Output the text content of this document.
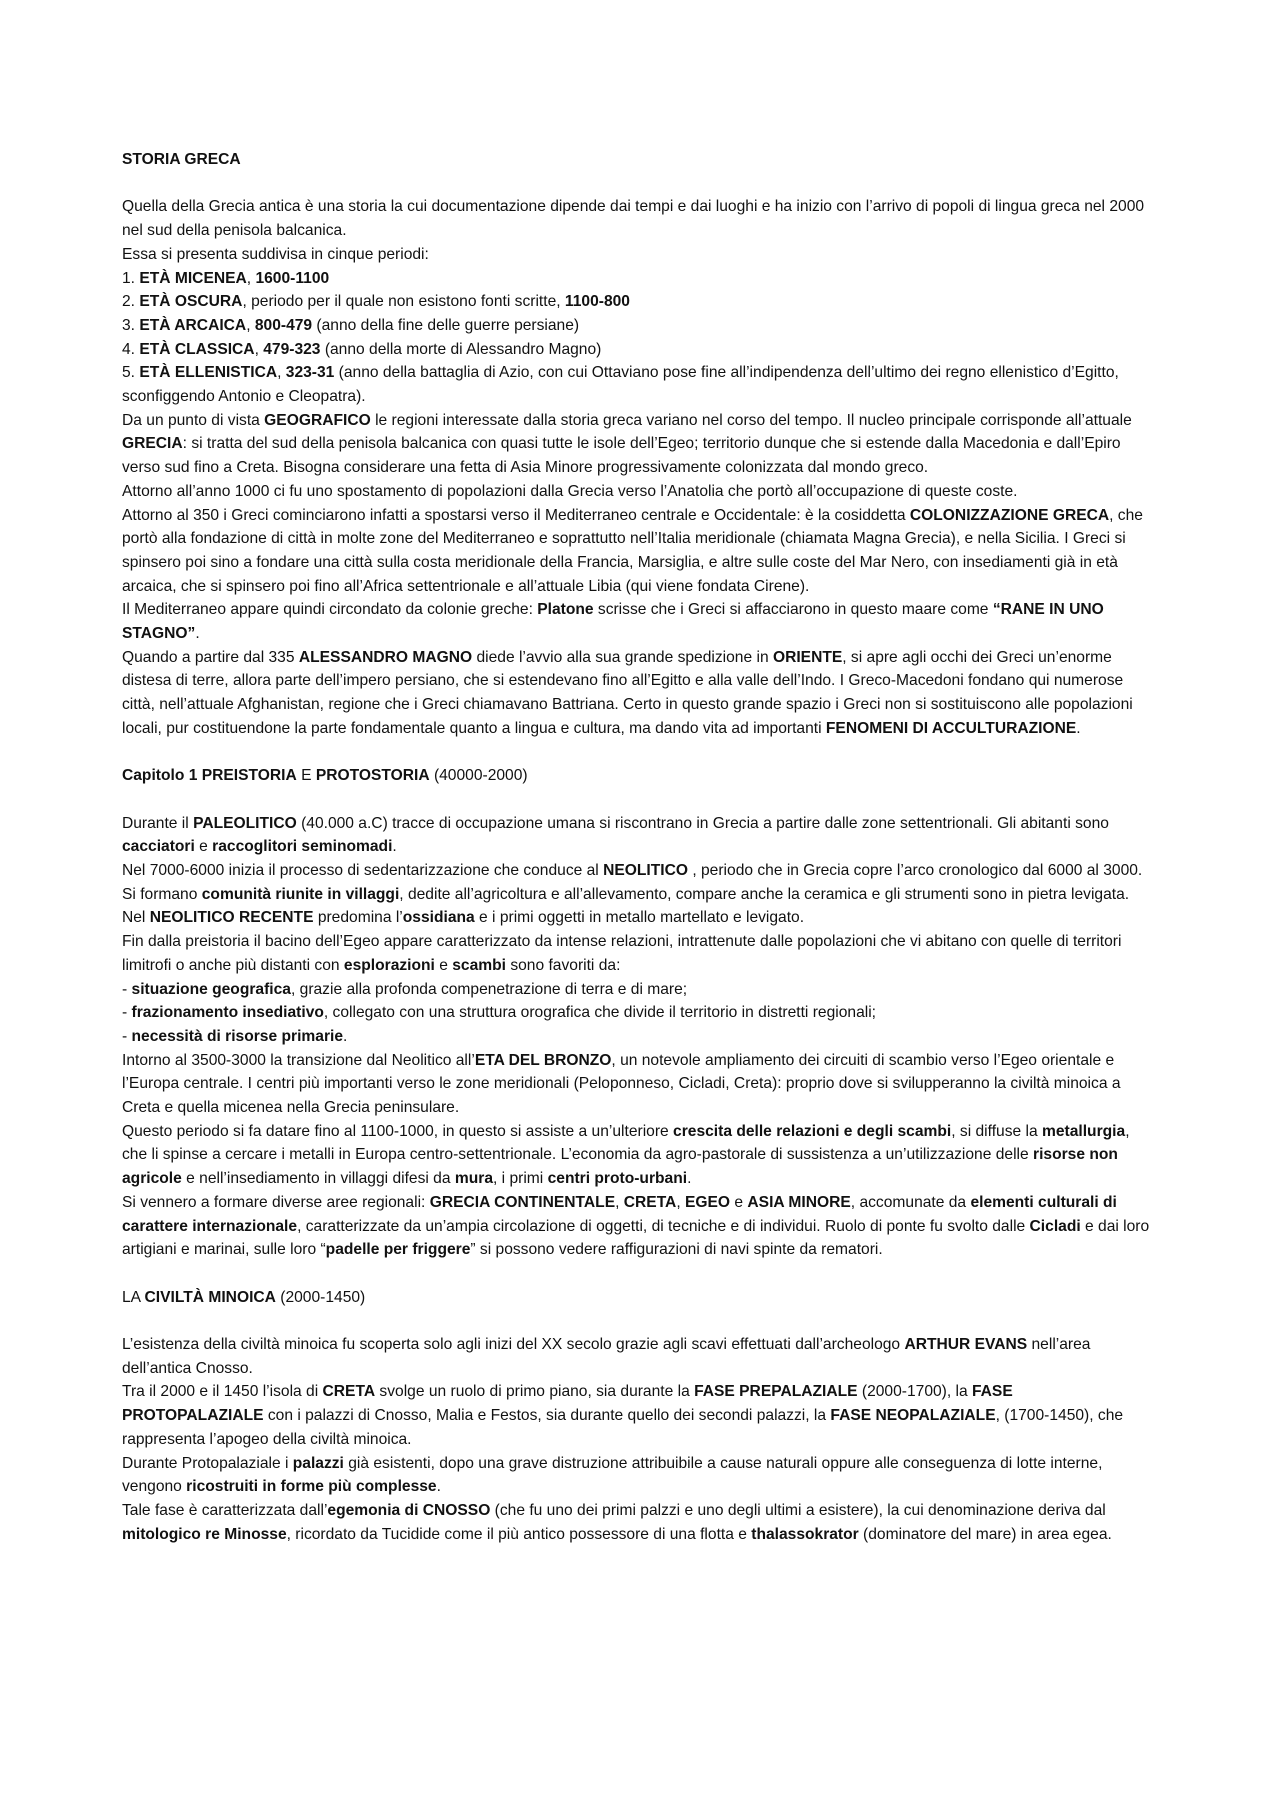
STORIA GRECA

Quella della Grecia antica è una storia la cui documentazione dipende dai tempi e dai luoghi e ha inizio con l’arrivo di popoli di lingua greca nel 2000 nel sud della penisola balcanica.

Essa si presenta suddivisa in cinque periodi:

1. ETÀ MICENEA, 1600-1100

2. ETÀ OSCURA, periodo per il quale non esistono fonti scritte, 1100-800

3. ETÀ ARCAICA, 800-479 (anno della fine delle guerre persiane)

4. ETÀ CLASSICA, 479-323 (anno della morte di Alessandro Magno)

5. ETÀ ELLENISTICA, 323-31 (anno della battaglia di Azio, con cui Ottaviano pose fine all’indipendenza dell’ultimo dei regno ellenistico d’Egitto, sconfiggendo Antonio e Cleopatra).

Da un punto di vista GEOGRAFICO le regioni interessate dalla storia greca variano nel corso del tempo. Il nucleo principale corrisponde all’attuale GRECIA: si tratta del sud della penisola balcanica con quasi tutte le isole dell’Egeo; territorio dunque che si estende dalla Macedonia e dall’Epiro verso sud fino a Creta. Bisogna considerare una fetta di Asia Minore progressivamente colonizzata dal mondo greco.

Attorno all’anno 1000 ci fu uno spostamento di popolazioni dalla Grecia verso l’Anatolia che portò all’occupazione di queste coste.

Attorno al 350 i Greci cominciarono infatti a spostarsi verso il Mediterraneo centrale e Occidentale: è la cosiddetta COLONIZZAZIONE GRECA, che portò alla fondazione di città in molte zone del Mediterraneo e soprattutto nell’Italia meridionale (chiamata Magna Grecia), e nella Sicilia. I Greci si spinsero poi sino a fondare una città sulla costa meridionale della Francia, Marsiglia, e altre sulle coste del Mar Nero, con insediamenti già in età arcaica, che si spinsero poi fino all’Africa settentrionale e all’attuale Libia (qui viene fondata Cirene).

Il Mediterraneo appare quindi circondato da colonie greche: Platone scrisse che i Greci si affacciarono in questo maare come “RANE IN UNO STAGNO”.

Quando a partire dal 335 ALESSANDRO MAGNO diede l’avvio alla sua grande spedizione in ORIENTE, si apre agli occhi dei Greci un’enorme distesa di terre, allora parte dell’impero persiano, che si estendevano fino all’Egitto e alla valle dell’Indo. I Greco-Macedoni fondano qui numerose città, nell’attuale Afghanistan, regione che i Greci chiamavano Battriana. Certo in questo grande spazio i Greci non si sostituiscono alle popolazioni locali, pur costituendone la parte fondamentale quanto a lingua e cultura, ma dando vita ad importanti FENOMENI DI ACCULTURAZIONE.

Capitolo 1 PREISTORIA E PROTOSTORIA (40000-2000)

Durante il PALEOLITICO (40.000 a.C) tracce di occupazione umana si riscontrano in Grecia a partire dalle zone settentrionali. Gli abitanti sono cacciatori e raccoglitori seminomadi.

Nel 7000-6000 inizia il processo di sedentarizzazione che conduce al NEOLITICO , periodo che in Grecia copre l’arco cronologico dal 6000 al 3000. Si formano comunità riunite in villaggi, dedite all’agricoltura e all’allevamento, compare anche la ceramica e gli strumenti sono in pietra levigata.

Nel NEOLITICO RECENTE predomina l’ossidiana e i primi oggetti in metallo martellato e levigato.

Fin dalla preistoria il bacino dell’Egeo appare caratterizzato da intense relazioni, intrattenute dalle popolazioni che vi abitano con quelle di territori limitrofi o anche più distanti con esplorazioni e scambi sono favoriti da:

- situazione geografica, grazie alla profonda compenetrazione di terra e di mare;

- frazionamento insediativo, collegato con una struttura orografica che divide il territorio in distretti regionali;

- necessità di risorse primarie.

Intorno al 3500-3000 la transizione dal Neolitico all’ETA DEL BRONZO, un notevole ampliamento dei circuiti di scambio verso l’Egeo orientale e l’Europa centrale. I centri più importanti verso le zone meridionali (Peloponneso, Cicladi, Creta): proprio dove si svilupperanno la civiltà minoica a Creta e quella micenea nella Grecia peninsulare.

Questo periodo si fa datare fino al 1100-1000, in questo si assiste a un’ulteriore crescita delle relazioni e degli scambi, si diffuse la metallurgia, che li spinse a cercare i metalli in Europa centro-settentrionale. L’economia da agro-pastorale di sussistenza a un’utilizzazione delle risorse non agricole e nell’insediamento in villaggi difesi da mura, i primi centri proto-urbani.

Si vennero a formare diverse aree regionali: GRECIA CONTINENTALE, CRETA, EGEO e ASIA MINORE, accomunate da elementi culturali di carattere internazionale, caratterizzate da un’ampia circolazione di oggetti, di tecniche e di individui. Ruolo di ponte fu svolto dalle Cicladi e dai loro artigiani e marinai, sulle loro “padelle per friggere” si possono vedere raffigurazioni di navi spinte da rematori.

LA CIVILTÀ MINOICA (2000-1450)

L’esistenza della civiltà minoica fu scoperta solo agli inizi del XX secolo grazie agli scavi effettuati dall’archeologo ARTHUR EVANS nell’area dell’antica Cnosso.

Tra il 2000 e il 1450 l’isola di CRETA svolge un ruolo di primo piano, sia durante la FASE PREPALAZIALE (2000-1700), la FASE PROTOPALAZIALE con i palazzi di Cnosso, Malia e Festos, sia durante quello dei secondi palazzi, la FASE NEOPALAZIALE, (1700-1450), che rappresenta l’apogeo della civiltà minoica.

Durante Protopalaziale i palazzi già esistenti, dopo una grave distruzione attribuibile a cause naturali oppure alle conseguenza di lotte interne, vengono ricostruiti in forme più complesse.

Tale fase è caratterizzata dall’egemonia di CNOSSO (che fu uno dei primi palzzi e uno degli ultimi a esistere), la cui denominazione deriva dal mitologico re Minosse, ricordato da Tucidide come il più antico possessore di una flotta e thalassokrator (dominatore del mare) in area egea.
